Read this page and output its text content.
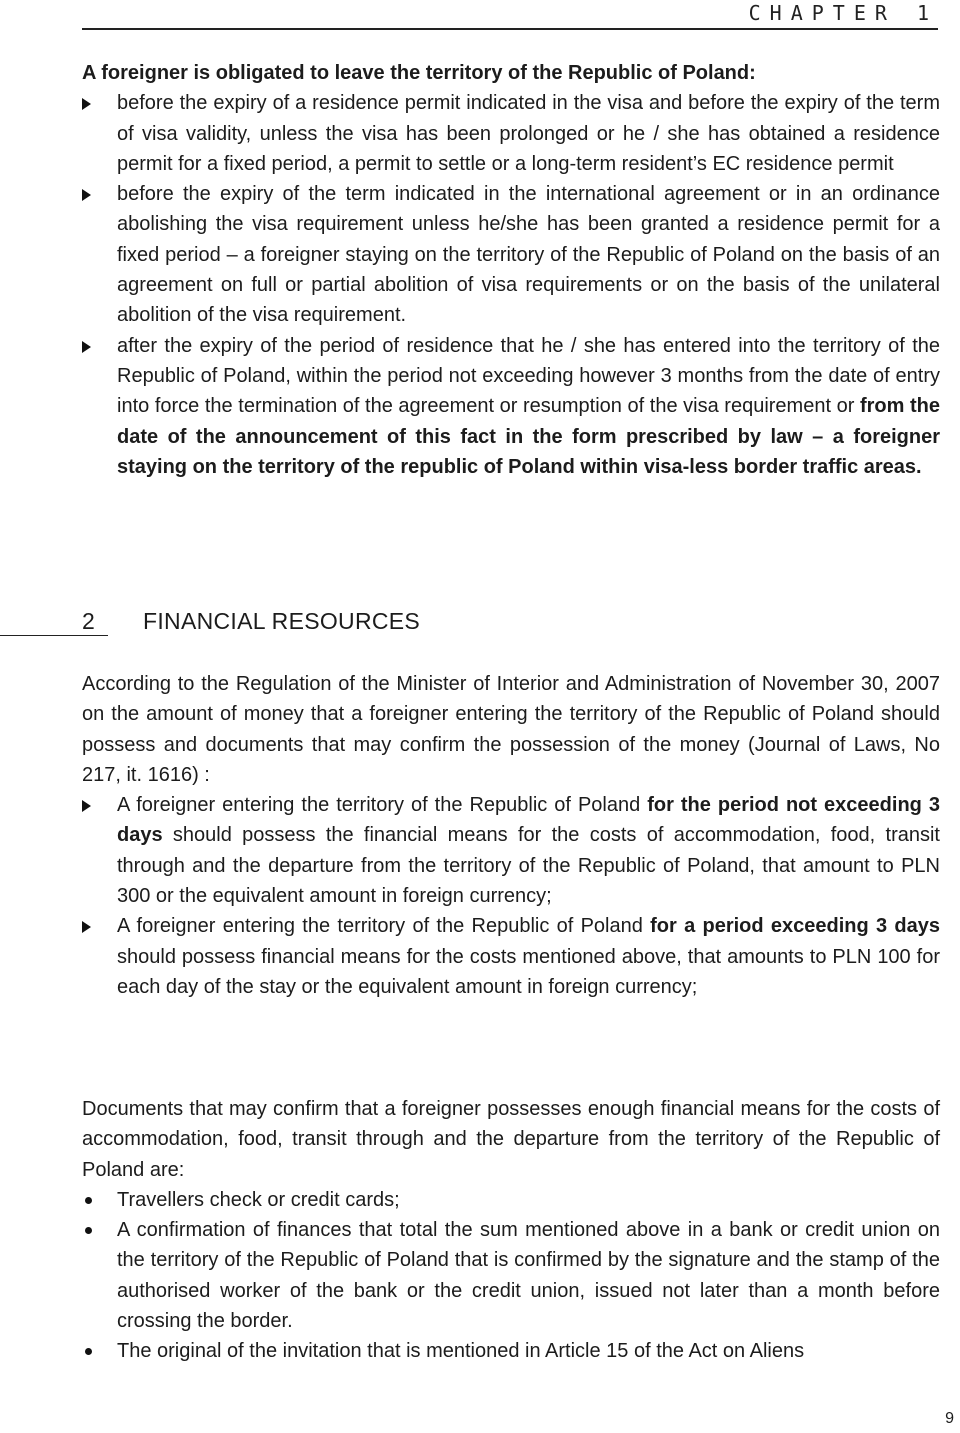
CHAPTER 1

A foreigner is obligated to leave the territory of the Republic of Poland:

before the expiry of a residence permit indicated in the visa and before the expiry of the term of visa validity, unless the visa has been prolonged or he / she has obtained a residence permit for a fixed period, a permit to settle or a long-term resident’s EC residence permit
before the expiry of the term indicated in the international agreement or in an ordinance abolishing the visa requirement unless he/she has been granted a residence permit for a fixed period – a foreigner staying on the territory of the Republic of Poland on the basis of an agreement on full or partial abolition of visa requirements or on the basis of the unilateral abolition of the visa requirement.
after the expiry of the period of residence that he / she has entered into the territory of the Republic of Poland, within the period not exceeding however 3 months from the date of entry into force the termination of the agreement or resumption of the visa requirement or from the date of the announcement of this fact in the form prescribed by law – a foreigner staying on the territory of the republic of Poland within visa-less border traffic areas.
2 FINANCIAL RESOURCES

According to the Regulation of the Minister of Interior and Administration of November 30, 2007 on the amount of money that a foreigner entering the territory of the Republic of Poland should possess and documents that may confirm the possession of the money (Journal of Laws, No 217, it. 1616) :

A foreigner entering the territory of the Republic of Poland for the period not exceeding 3 days should possess the financial means for the costs of accommodation, food, transit through and the departure from the territory of the Republic of Poland, that amount to PLN 300 or the equivalent amount in foreign currency;
A foreigner entering the territory of the Republic of Poland for a period exceeding 3 days should possess financial means for the costs mentioned above, that amounts to PLN 100 for each day of the stay or the equivalent amount in foreign currency;

Documents that may confirm that a foreigner possesses enough financial means for the costs of accommodation, food, transit through and the departure from the territory of the Republic of Poland are:

Travellers check or credit cards;
A confirmation of finances that total the sum mentioned above in a bank or credit union on the territory of the Republic of Poland that is confirmed by the signature and the stamp of the authorised worker of the bank or the credit union, issued not later than a month before crossing the border.
The original of the invitation that is mentioned in Article 15 of the Act on Aliens
9
